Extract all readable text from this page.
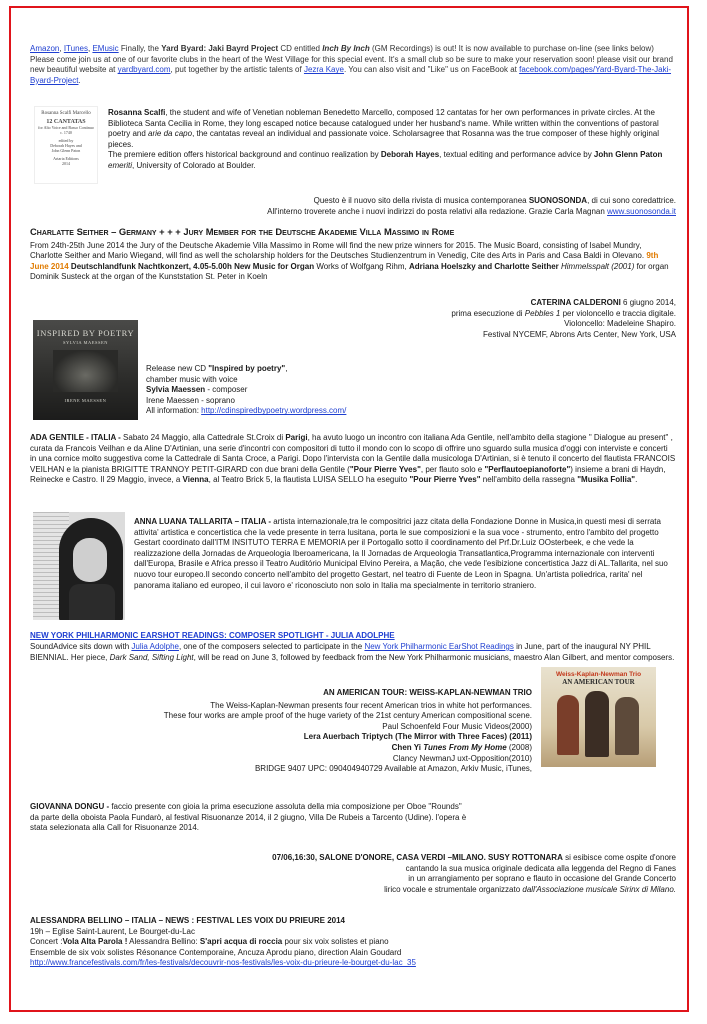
Amazon, ITunes, EMusic Finally, the Yard Byard: Jaki Bayrd Project CD entitled Inch By Inch (GM Recordings) is out! It is now available to purchase on-line (see links below) Please come join us at one of our favorite clubs in the heart of the West Village for this special event. It's a small club so be sure to make your reservation soon! please visit our brand new beautiful website at yardbyard.com, put together by the artistic talents of Jezra Kaye. You can also visit and "Like" us on FaceBook at facebook.com/pages/Yard-Byard-The-Jaki-Byard-Project.
Rosanna Scalfi Marcello
12 CANTATAS
for Alto Voice and Basso Continuo
c. 1740
edited by
Deborah Hayes and
John Glenn Paton
Artaria Editions
2014
Rosanna Scalfi, the student and wife of Venetian nobleman Benedetto Marcello, composed 12 cantatas for her own performances in private circles. At the Biblioteca Santa Cecilia in Rome, they long escaped notice because catalogued under her husband's name. While written within the conventions of pastoral poetry and arie da capo, the cantatas reveal an individual and passionate voice. Scholarsagree that Rosanna was the true composer of these highly original pieces.
The premiere edition offers historical background and continuo realization by Deborah Hayes, textual editing and performance advice by John Glenn Paton emeriti, University of Colorado at Boulder.

Questo è il nuovo sito della rivista di musica contemporanea SUONOSONDA, di cui sono coredattrice.

All'interno troverete anche i nuovi indirizzi do posta relativi alla redazione. Grazie Carla Magnan www.suonosonda.it

Charlatte Seither – Germany + + + Jury Member for the Deutsche Akademie Villa Massimo in Rome

From 24th-25th June 2014 the Jury of the Deutsche Akademie Villa Massimo in Rome will find the new prize winners for 2015. The Music Board, consisting of Isabel Mundry, Charlotte Seither and Mario Wiegand, will find as well the scholarship holders for the Deutsches Studienzentrum in Venedig, Cite des Arts in Paris and Casa Baldi in Olevano. 9th June 2014 Deutschlandfunk Nachtkonzert, 4.05-5.00h New Music for Organ Works of Wolfgang Rihm, Adriana Hoelszky and Charlotte Seither Himmelsspalt (2001) for organ Dominik Susteck at the organ of the Kunststation St. Peter in Koeln

CATERINA CALDERONI 6 giugno 2014,

prima esecuzione di Pebbles 1 per violoncello e traccia digitale.

Violoncello: Madeleine Shapiro.

Festival NYCEMF, Abrons Arts Center, New York, USA

INSPIRED BY POETRY
SYLVIA MAESSEN
IRENE MAESSEN

Release new CD "Inspired by poetry",

chamber music with voice

Sylvia Maessen - composer

Irene Maessen - soprano

All information: http://cdinspiredbypoetry.wordpress.com/

ADA GENTILE - ITALIA - Sabato 24 Maggio, alla Cattedrale St.Croix di Parigi, ha avuto luogo un incontro con italiana Ada Gentile, nell'ambito della stagione " Dialogue au present" , curata da Francois Veilhan e da Aline D'Artinian, una serie d'incontri con compositori di tutto il mondo con lo scopo di offrire uno sguardo sulla musica d'oggi con interviste e concerti in una cornice molto suggestiva come la Cattedrale di Santa Croce, a Parigi. Dopo l'intervista con la Gentile dalla musicologa D'Artinian, si è tenuto il concerto del flautista FRANCOIS VEILHAN e la pianista BRIGITTE TRANNOY PETIT-GIRARD con due brani della Gentile ("Pour Pierre Yves", per flauto solo e "Perflautoepianoforte") insieme a brani di Haydn, Reinecke e Castro. Il 29 Maggio, invece, a Vienna, al Teatro Brick 5, la flautista LUISA SELLO ha eseguito "Pour Pierre Yves" nell'ambito della rassegna "Musika Follia".
ANNA LUANA TALLARITA – ITALIA - artista internazionale,tra le compositrici jazz citata della Fondazione Donne in Musica,in questi mesi di serrata attivita' artistica e concertistica che la vede presente in terra lusitana, porta le sue composizioni e la sua voce - strumento, entro l'ambito del progetto Gestart coordinato dall'ITM INSITUTO TERRA E MEMORIA per il Portogallo sotto il coordinamento del Prf.Dr.Luiz OOsterbeek, e che vede la realizzazione della Jornadas de Arqueologia Iberoamericana, la II Jornadas de Arqueologia Transatlantica,Programma internazionale con interventi dall'Europa, Brasile e Africa presso il Teatro Auditório Municipal Elvino Pereira, a Mação, che vede l'esibizione concertistica Jazz di AL.Tallarita, nel suo nuovo tour europeo.Il secondo concerto nell'ambito del progetto Gestart, nel teatro di Fuente de Leon in Spagna. Un'artista poliedrica, rarita' nel panorama italiano ed europeo, il cui lavoro e' riconosciuto non solo in Italia ma specialmente in territorio straniero.

NEW YORK PHILHARMONIC EARSHOT READINGS: COMPOSER SPOTLIGHT - JULIA ADOLPHE

SoundAdvice sits down with Julia Adolphe, one of the composers selected to participate in the New York Philharmonic EarShot Readings in June, part of the inaugural NY PHIL BIENNIAL. Her piece, Dark Sand, Sifting Light, will be read on June 3, followed by feedback from the New York Philharmonic musicians, maestro Alan Gilbert, and mentor composers.
Weiss-Kaplan-Newman Trio
AN AMERICAN TOUR

AN AMERICAN TOUR: WEISS-KAPLAN-NEWMAN TRIO

The Weiss-Kaplan-Newman presents four recent American trios in white hot performances.

These four works are ample proof of the huge variety of the 21st century American compositional scene.

Paul Schoenfeld Four Music Videos(2000)

Lera Auerbach Triptych (The Mirror with Three Faces) (2011)

Chen Yi Tunes From My Home (2008)

Clancy NewmanJ uxt-Opposition(2010)

BRIDGE 9407 UPC: 090404940729 Available at Amazon, Arkiv Music, iTunes,

GIOVANNA DONGU - faccio presente con gioia la prima esecuzione assoluta della mia composizione per Oboe "Rounds" da parte della oboista Paola Fundarò, al festival Risuonanze 2014, il 2 giugno, Villa De Rubeis a Tarcento (Udine). l'opera è stata selezionata alla Call for Risuonanze 2014.

07/06,16:30, SALONE D'ONORE, CASA VERDI –MILANO. SUSY ROTTONARA si esibisce come ospite d'onore

cantando la sua musica originale dedicata alla leggenda del Regno di Fanes

in un arrangiamento per soprano e flauto in occasione del Grande Concerto

lirico vocale e strumentale organizzato dall'Associazione musicale Sirinx di Milano.

ALESSANDRA BELLINO – ITALIA – NEWS : FESTIVAL LES VOIX DU PRIEURE 2014

19h – Eglise Saint-Laurent, Le Bourget-du-Lac

Concert :Vola Alta Parola ! Alessandra Bellino: S'apri acqua di roccia pour six voix solistes et piano

Ensemble de six voix solistes Résonance Contemporaine, Ancuza Aprodu piano, direction Alain Goudard

http://www.francefestivals.com/fr/les-festivals/decouvrir-nos-festivals/les-voix-du-prieure-le-bourget-du-lac_35
